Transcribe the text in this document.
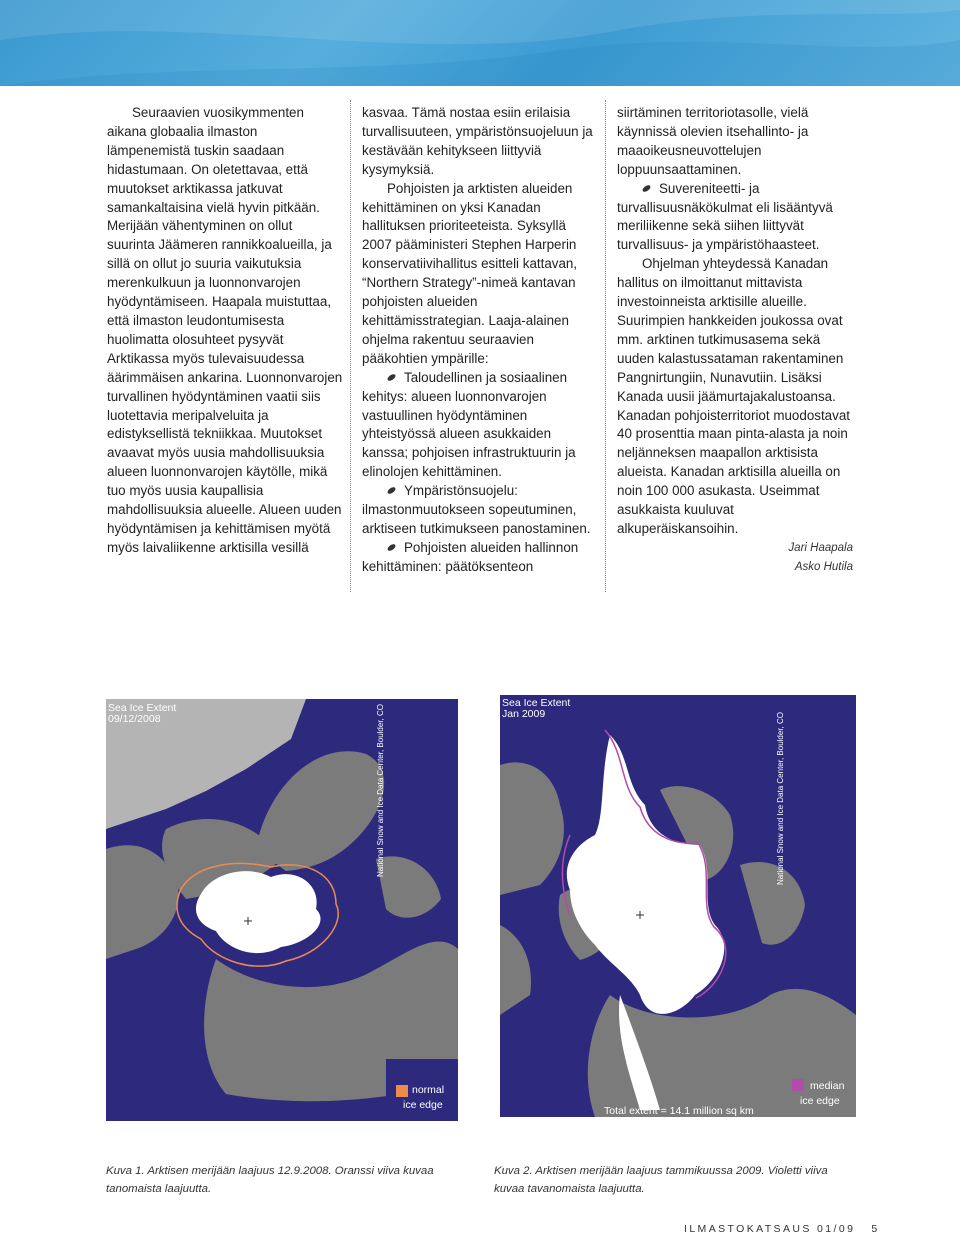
Seuraavien vuosikymmenten aikana globaalia ilmaston lämpenemistä tuskin saadaan hidastumaan. On oletettavaa, että muutokset arktikassa jatkuvat samankaltaisina vielä hyvin pitkään. Merijään vähentyminen on ollut suurinta Jäämeren rannikkoalueilla, ja sillä on ollut jo suuria vaikutuksia merenkulkuun ja luonnonvarojen hyödyntämiseen. Haapala muistuttaa, että ilmaston leudontumisesta huolimatta olosuhteet pysyvät Arktikassa myös tulevaisuudessa äärimmäisen ankarina. Luonnonvarojen turvallinen hyödyntäminen vaatii siis luotettavia meripalveluita ja edistyksellistä tekniikkaa. Muutokset avaavat myös uusia mahdollisuuksia alueen luonnonvarojen käytölle, mikä tuo myös uusia kaupallisia mahdollisuuksia alueelle. Alueen uuden hyödyntämisen ja kehittämisen myötä myös laivaliikenne arktisilla vesillä

kasvaa. Tämä nostaa esiin erilaisia turvallisuuteen, ympäristönsuojeluun ja kestävään kehitykseen liittyviä kysymyksiä.

Pohjoisten ja arktisten alueiden kehittäminen on yksi Kanadan hallituksen prioriteeteista. Syksyllä 2007 pääministeri Stephen Harperin konservatiivihallitus esitteli kattavan, “Northern Strategy”-nimeä kantavan pohjoisten alueiden kehittämisstrategian. Laaja-alainen ohjelma rakentuu seuraavien pääkohtien ympärille:

Taloudellinen ja sosiaalinen kehitys: alueen luonnonvarojen vastuullinen hyödyntäminen yhteistyössä alueen asukkaiden kanssa; pohjoisen infrastruktuurin ja elinolojen kehittäminen.

Ympäristönsuojelu: ilmastonmuutokseen sopeutuminen, arktiseen tutkimukseen panostaminen.

Pohjoisten alueiden hallinnon kehittäminen: päätöksenteon

siirtäminen territoriotasolle, vielä käynnissä olevien itsehallinto- ja maaoikeusneuvottelujen loppuunsaattaminen.

Suvereniteetti- ja turvallisuusnäkökulmat eli lisääntyvä meriliikenne sekä siihen liittyvät turvallisuus- ja ympäristöhaasteet.

Ohjelman yhteydessä Kanadan hallitus on ilmoittanut mittavista investoinneista arktisille alueille. Suurimpien hankkeiden joukossa ovat mm. arktinen tutkimusasema sekä uuden kalastussataman rakentaminen Pangnirtungiin, Nunavutiin. Lisäksi Kanada uusii jäämurtajakalustoansa. Kanadan pohjoisterritoriot muodostavat 40 prosenttia maan pinta-alasta ja noin neljänneksen maapallon arktisista alueista. Kanadan arktisilla alueilla on noin 100 000 asukasta. Useimmat asukkaista kuuluvat alkuperäiskansoihin.

Jari Haapala

Asko Hutila

Sea Ice Extent
09/12/2008	National Snow and Ice Data Center, Boulder, CO
normal
ice edge
Sea Ice Extent
Jan 2009	National Snow and Ice Data Center, Boulder, CO
median
ice edge
Total extent = 14.1 million sq km
Kuva 1. Arktisen merijään laajuus 12.9.2008. Oranssi viiva kuvaa tanomaista laajuutta.
Kuva 2. Arktisen merijään laajuus tammikuussa 2009. Violetti viiva kuvaa tavanomaista laajuutta.
ILMASTOKATSAUS 01/09 5
